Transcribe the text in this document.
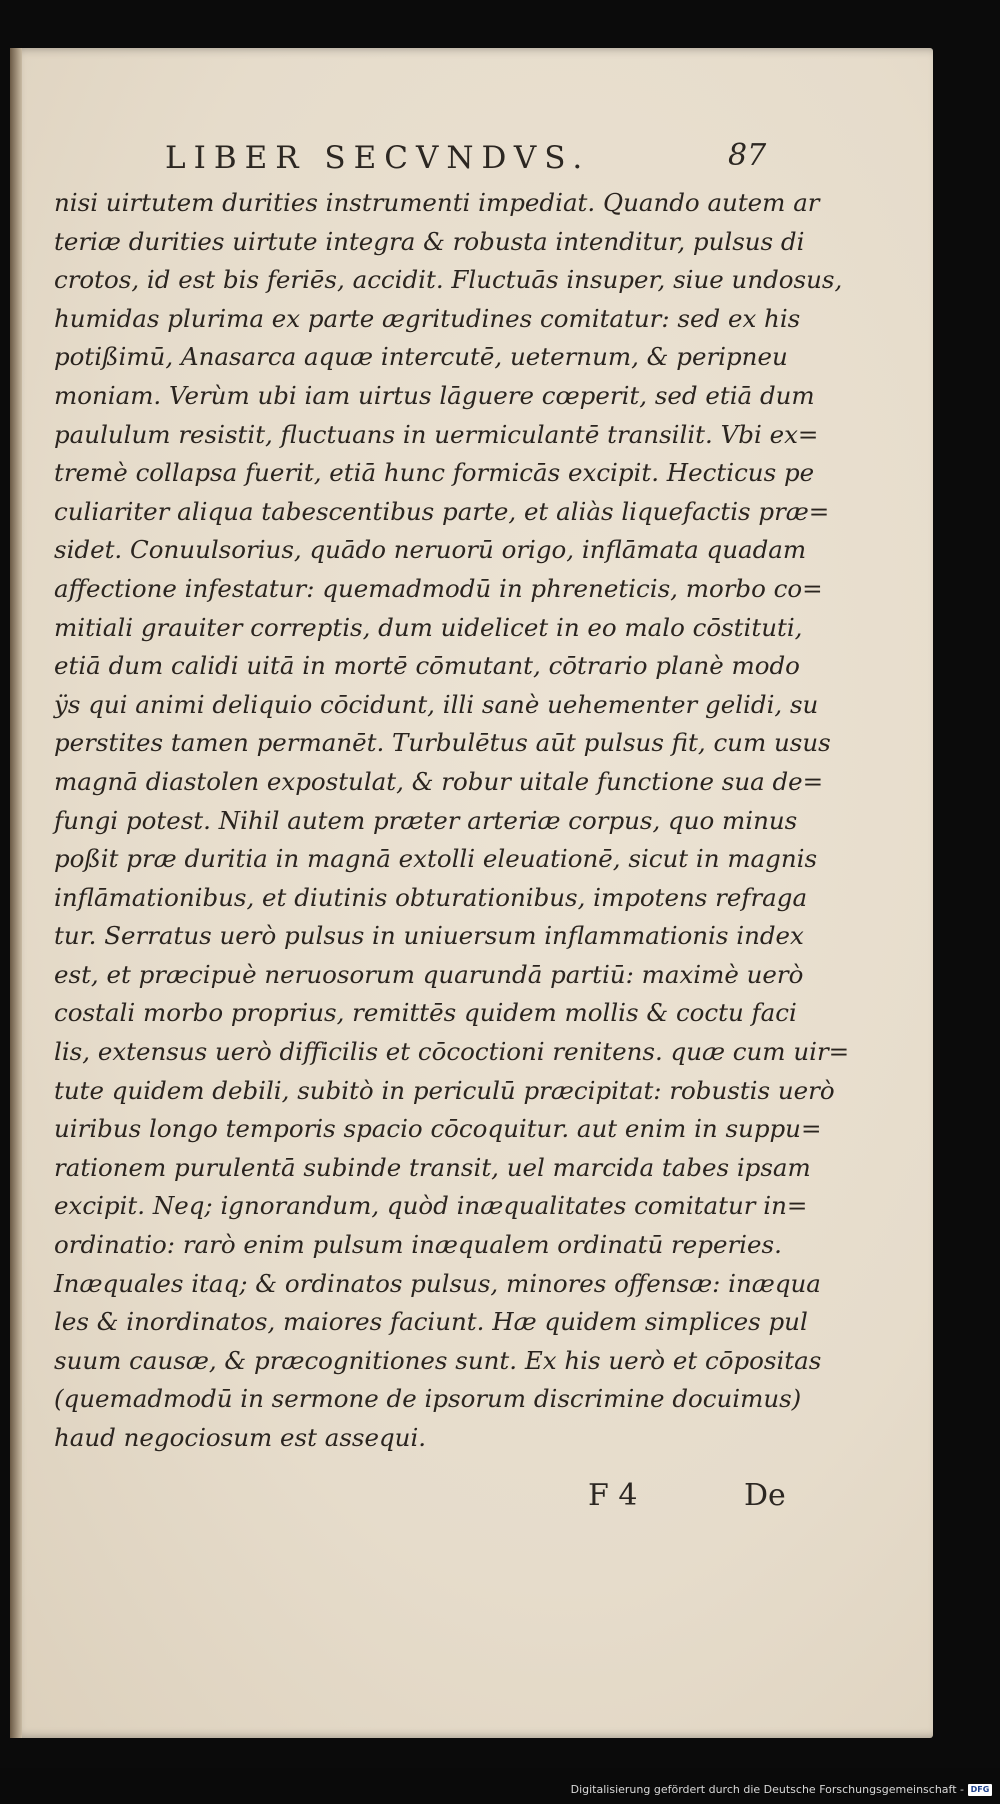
LIBER SECVNDVS.	87
nisi uirtutem durities instrumenti impediat. Quando autem ar
teriæ durities uirtute integra & robusta intenditur, pulsus di
crotos, id est bis feriēs, accidit. Fluctuās insuper, siue undosus,
humidas plurima ex parte ægritudines comitatur: sed ex his
potißimū, Anasarca aquæ intercutē, ueternum, & peripneu
moniam. Verùm ubi iam uirtus lāguere cœperit, sed etiā dum
paululum resistit, fluctuans in uermiculantē transilit. Vbi ex=
tremè collapsa fuerit, etiā hunc formicās excipit. Hecticus pe
culiariter aliqua tabescentibus parte, et aliàs liquefactis præ=
sidet. Conuulsorius, quādo neruorū origo, inflāmata quadam
affectione infestatur: quemadmodū in phreneticis, morbo co=
mitiali grauiter correptis, dum uidelicet in eo malo cōstituti,
etiā dum calidi uitā in mortē cōmutant, cōtrario planè modo
ÿs qui animi deliquio cōcidunt, illi sanè uehementer gelidi, su
perstites tamen permanēt. Turbulētus aūt pulsus fit, cum usus
magnā diastolen expostulat, & robur uitale functione sua de=
fungi potest. Nihil autem præter arteriæ corpus, quo minus
poßit præ duritia in magnā extolli eleuationē, sicut in magnis
inflāmationibus, et diutinis obturationibus, impotens refraga
tur. Serratus uerò pulsus in uniuersum inflammationis index
est, et præcipuè neruosorum quarundā partiū: maximè uerò
costali morbo proprius, remittēs quidem mollis & coctu faci
lis, extensus uerò difficilis et cōcoctioni renitens. quæ cum uir=
tute quidem debili, subitò in periculū præcipitat: robustis uerò
uiribus longo temporis spacio cōcoquitur. aut enim in suppu=
rationem purulentā subinde transit, uel marcida tabes ipsam
excipit. Neq; ignorandum, quòd inæqualitates comitatur in=
ordinatio: rarò enim pulsum inæqualem ordinatū reperies.
Inæquales itaq; & ordinatos pulsus, minores offensæ: inæqua
les & inordinatos, maiores faciunt. Hæ quidem simplices pul
suum causæ, & præcognitiones sunt. Ex his uerò et cōpositas
(quemadmodū in sermone de ipsorum discrimine docuimus)
haud negociosum est assequi.
F 4	De
Digitalisierung gefördert durch die Deutsche Forschungsgemeinschaft - DFG
